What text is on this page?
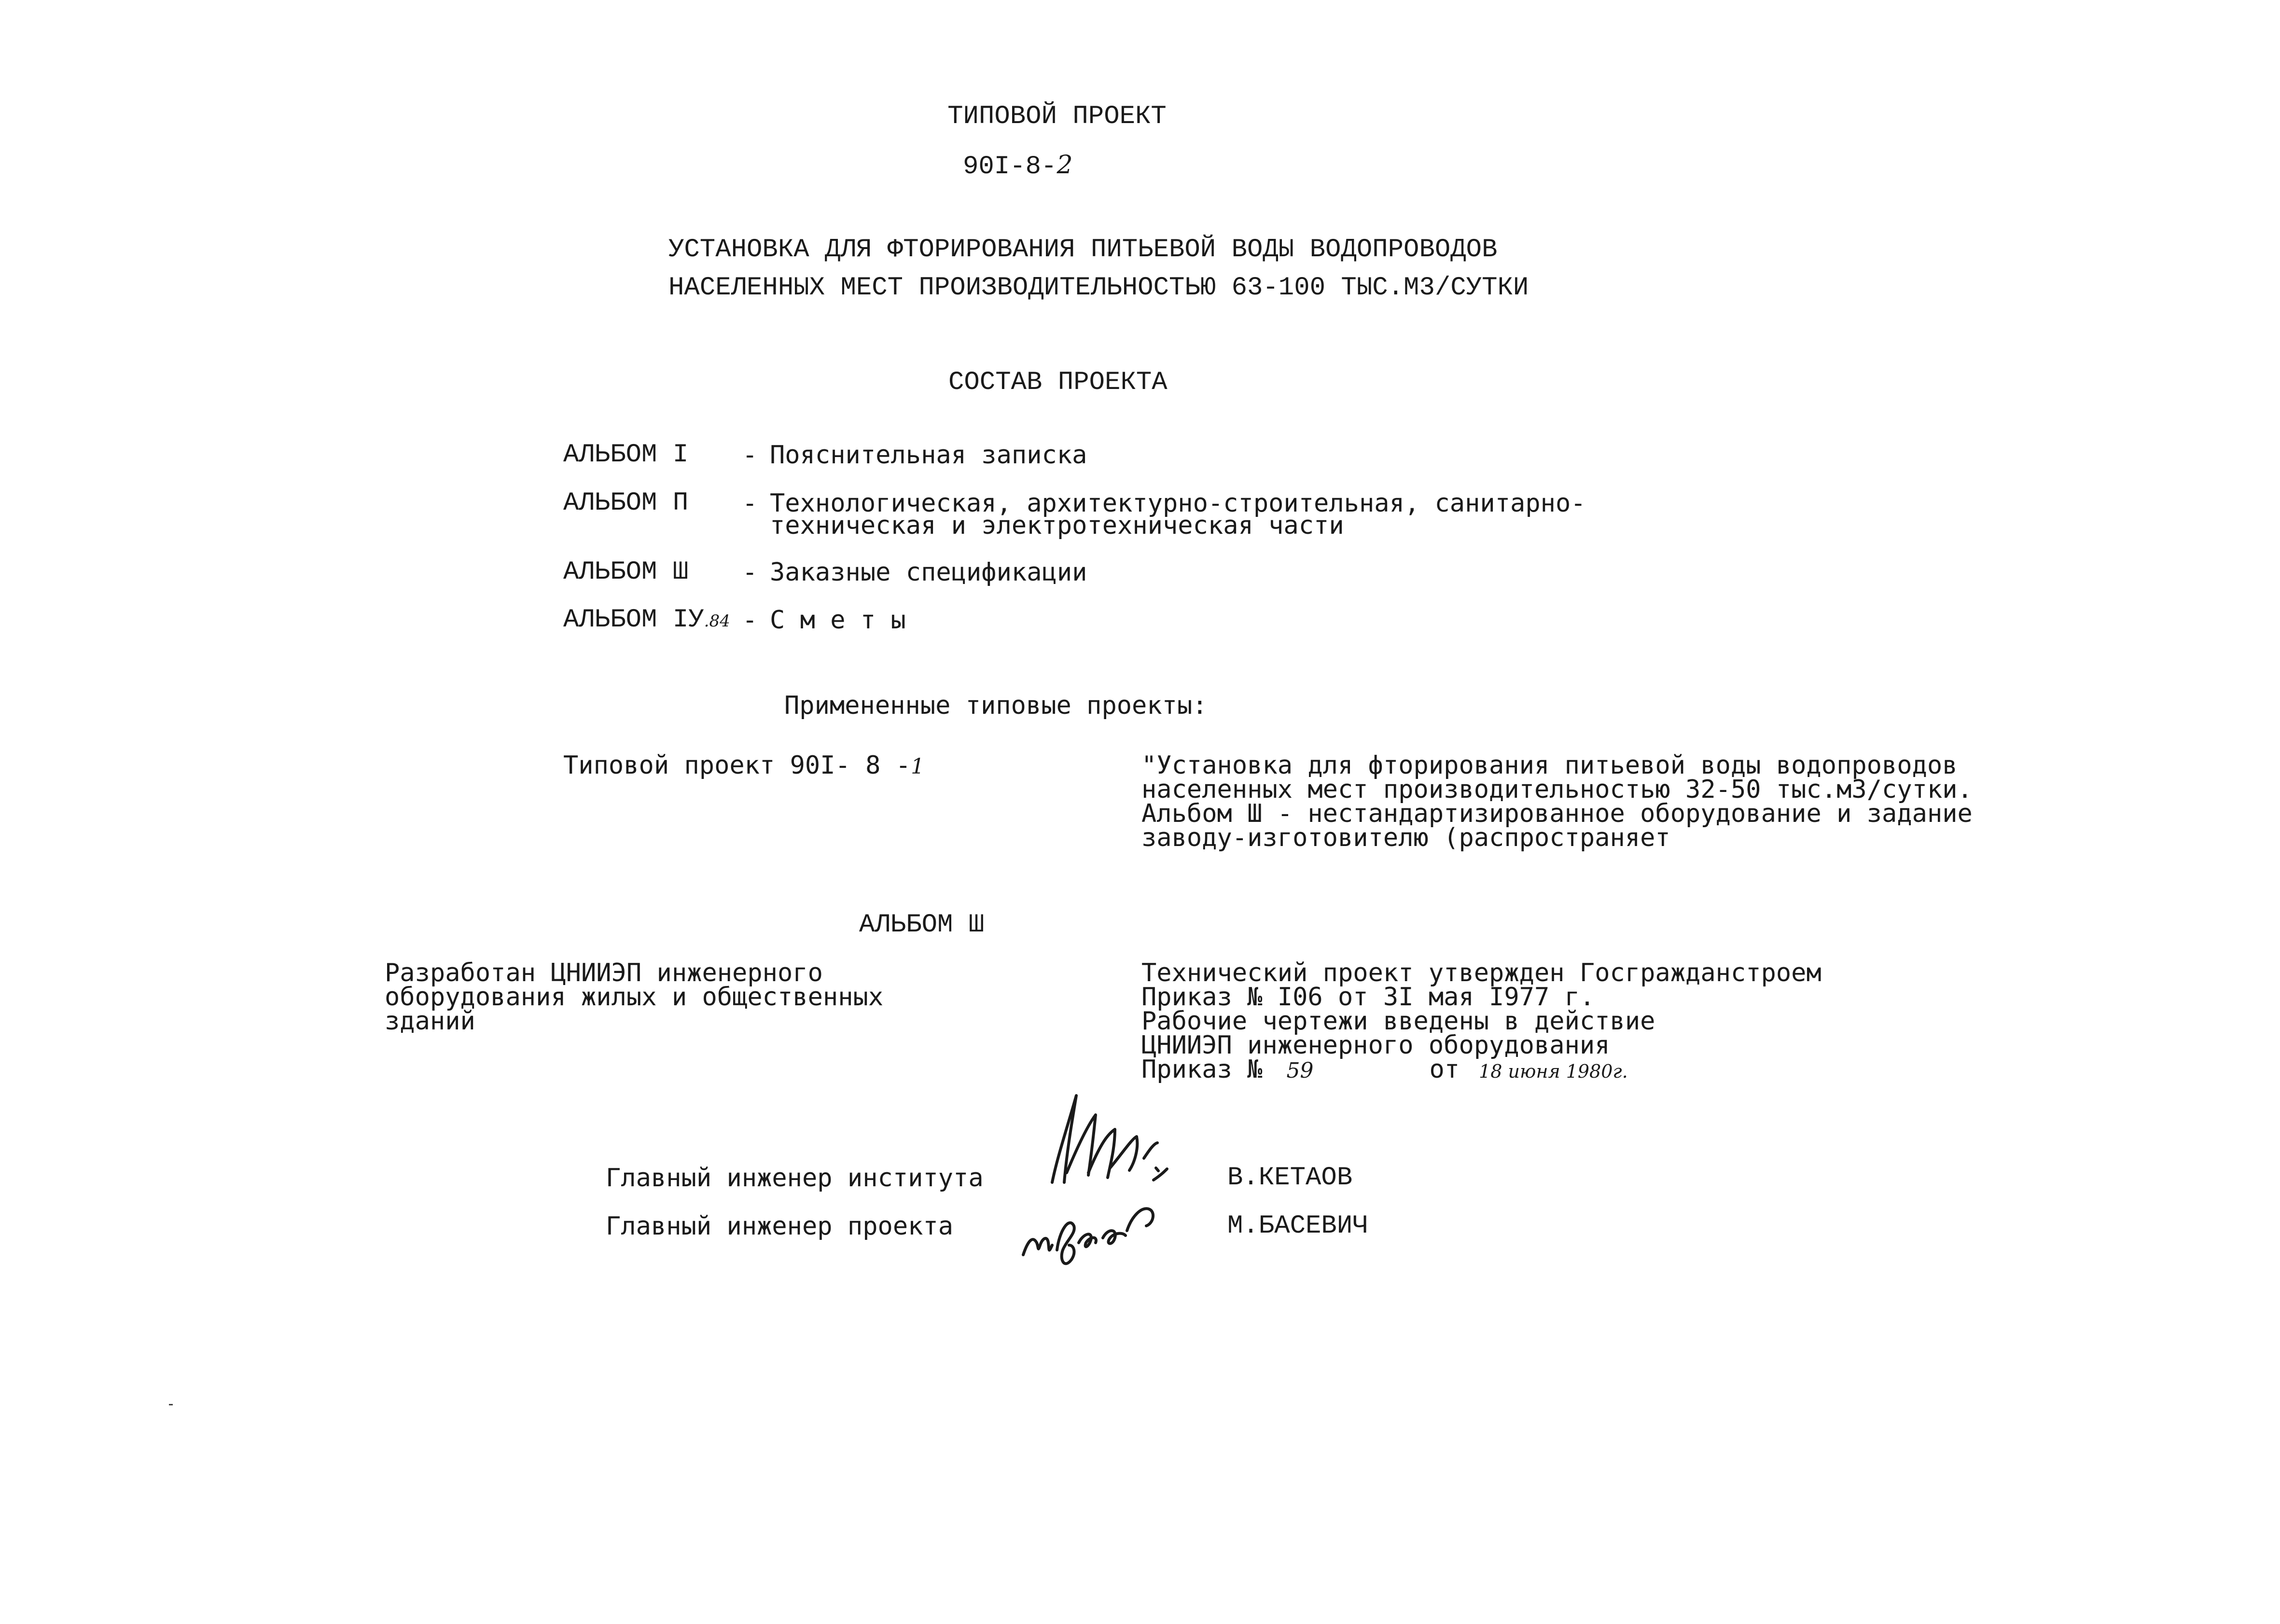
ТИПОВОЙ ПРОЕКТ
90I-8-2
УСТАНОВКА ДЛЯ ФТОРИРОВАНИЯ ПИТЬЕВОЙ ВОДЫ ВОДОПРОВОДОВ
НАСЕЛЕННЫХ МЕСТ ПРОИЗВОДИТЕЛЬНОСТЬЮ 63-100 ТЫС.М3/СУТКИ
СОСТАВ ПРОЕКТА
АЛЬБОМ I - Пояснительная записка
АЛЬБОМ П - Технологическая, архитектурно-строительная, санитарно-
техническая и электротехническая части
АЛЬБОМ Ш - Заказные спецификации
АЛЬБОМ IУ.84 - С м е т ы
Примененные типовые проекты:
Типовой проект 90I- 8 -1	"Установка для фторирования питьевой воды водопроводов
населенных мест производительностью 32-50 тыс.м3/сутки.
Альбом Ш - нестандартизированное оборудование и задание
заводу-изготовителю (распространяет
АЛЬБОМ Ш
Разработан ЦНИИЭП инженерного
оборудования жилых и общественных
зданий
Технический проект утвержден Госгражданстроем
Приказ № I06 от 3I мая I977 г.
Рабочие чертежи введены в действие
ЦНИИЭП инженерного оборудования
Приказ № 59	от 18 июня 1980г.
Главный инженер института	В.КЕТАОВ
Главный инженер проекта	М.БАСЕВИЧ
